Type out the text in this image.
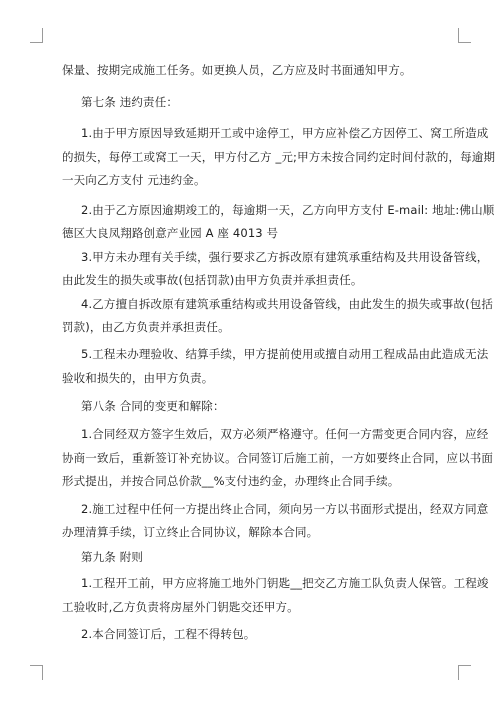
保量、按期完成施工任务。如更换人员，乙方应及时书面通知甲方。
第七条 违约责任：
1.由于甲方原因导致延期开工或中途停工，甲方应补偿乙方因停工、窝工所造成
的损失，每停工或窝工一天，甲方付乙方 _元;甲方未按合同约定时间付款的，每逾期
一天向乙方支付 元违约金。
2.由于乙方原因逾期竣工的，每逾期一天，乙方向甲方支付 E-mail: 地址:佛山顺
德区大良凤翔路创意产业园 A 座 4013 号
3.甲方未办理有关手续，强行要求乙方拆改原有建筑承重结构及共用设备管线，
由此发生的损失或事故(包括罚款)由甲方负责并承担责任。
4.乙方擅自拆改原有建筑承重结构或共用设备管线，由此发生的损失或事故(包括
罚款)，由乙方负责并承担责任。
5.工程未办理验收、结算手续，甲方提前使用或擅自动用工程成品由此造成无法
验收和损失的，由甲方负责。
第八条 合同的变更和解除：
1.合同经双方签字生效后，双方必须严格遵守。任何一方需变更合同内容，应经
协商一致后，重新签订补充协议。合同签订后施工前，一方如要终止合同，应以书面
形式提出，并按合同总价款__%支付违约金，办理终止合同手续。
2.施工过程中任何一方提出终止合同，须向另一方以书面形式提出，经双方同意
办理清算手续，订立终止合同协议，解除本合同。
第九条 附则
1.工程开工前，甲方应将施工地外门钥匙__把交乙方施工队负责人保管。工程竣
工验收时,乙方负责将房屋外门钥匙交还甲方。
2.本合同签订后，工程不得转包。
